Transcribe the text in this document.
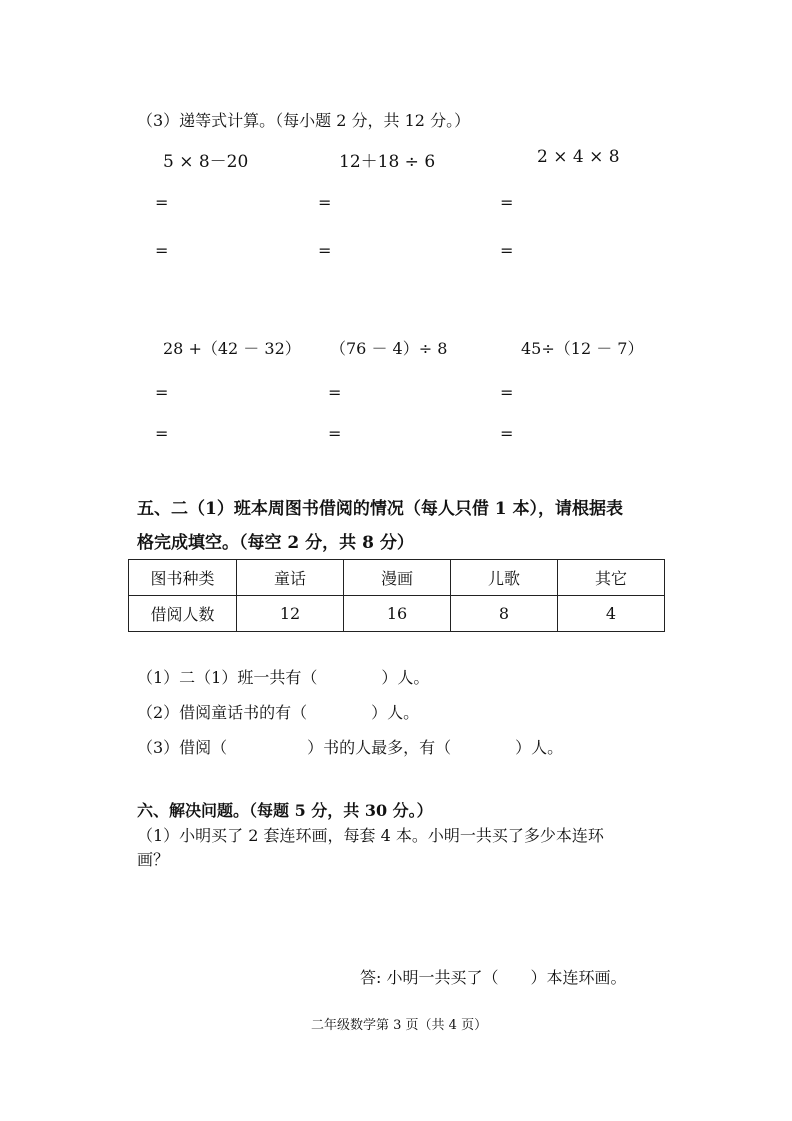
（3）递等式计算。（每小题 2 分，共 12 分。）
5 × 8－20	12＋18 ÷ 6	2 × 4 × 8
=	=	=
=	=	=
28 +（42 － 32） （76 － 4）÷ 8	45÷（12 － 7）
=	=	=
=	=	=
五、二（1）班本周图书借阅的情况（每人只借 1 本），请根据表
格完成填空。（每空 2 分，共 8 分）
图书种类	童话	漫画	儿歌	其它
借阅人数	12	16	8	4
（1）二（1）班一共有（　　　　）人。
（2）借阅童话书的有（　　　　）人。
（3）借阅（　　　　　）书的人最多，有（　　　　）人。
六、解决问题。（每题 5 分，共 30 分。）
（1）小明买了 2 套连环画，每套 4 本。小明一共买了多少本连环
画？
答: 小明一共买了（　　）本连环画。
二年级数学第 3 页（共 4 页）
